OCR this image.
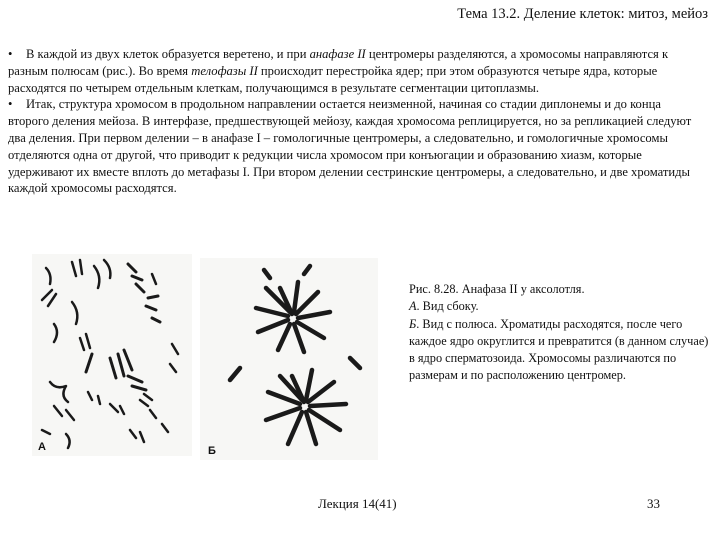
Тема 13.2. Деление клеток: митоз, мейоз

• В каждой из двух клеток образуется веретено, и при анафазе II центромеры разделяются, а хромосомы направляются к разным полюсам (рис.). Во время телофазы II происходит перестройка ядер; при этом образуются четыре ядра, которые расходятся по четырем отдельным клеткам, получающимся в результате сегментации цитоплазмы.

• Итак, структура хромосом в продольном направлении остается неизменной, начиная со стадии диплонемы и до конца второго деления мейоза. В интерфазе, предшествующей мейозу, каждая хромосома реплицируется, но за репликацией следуют два деления. При первом делении – в анафазе I – гомологичные центромеры, а следовательно, и гомологичные хромосомы отделяются одна от другой, что приводит к редукции числа хромосом при конъюгации и образованию хиазм, которые удерживают их вместе вплоть до метафазы I. При втором делении сестринские центромеры, а следовательно, и две хроматиды каждой хромосомы расходятся.

А	Б
Рис. 8.28. Анафаза II у аксолотля.
А. Вид сбоку.
Б. Вид с полюса. Хроматиды расходятся, после чего каждое ядро округлится и превратится (в данном случае) в ядро сперматозоида. Хромосомы различаются по размерам и по расположению центромер.
Лекция 14(41)	33
